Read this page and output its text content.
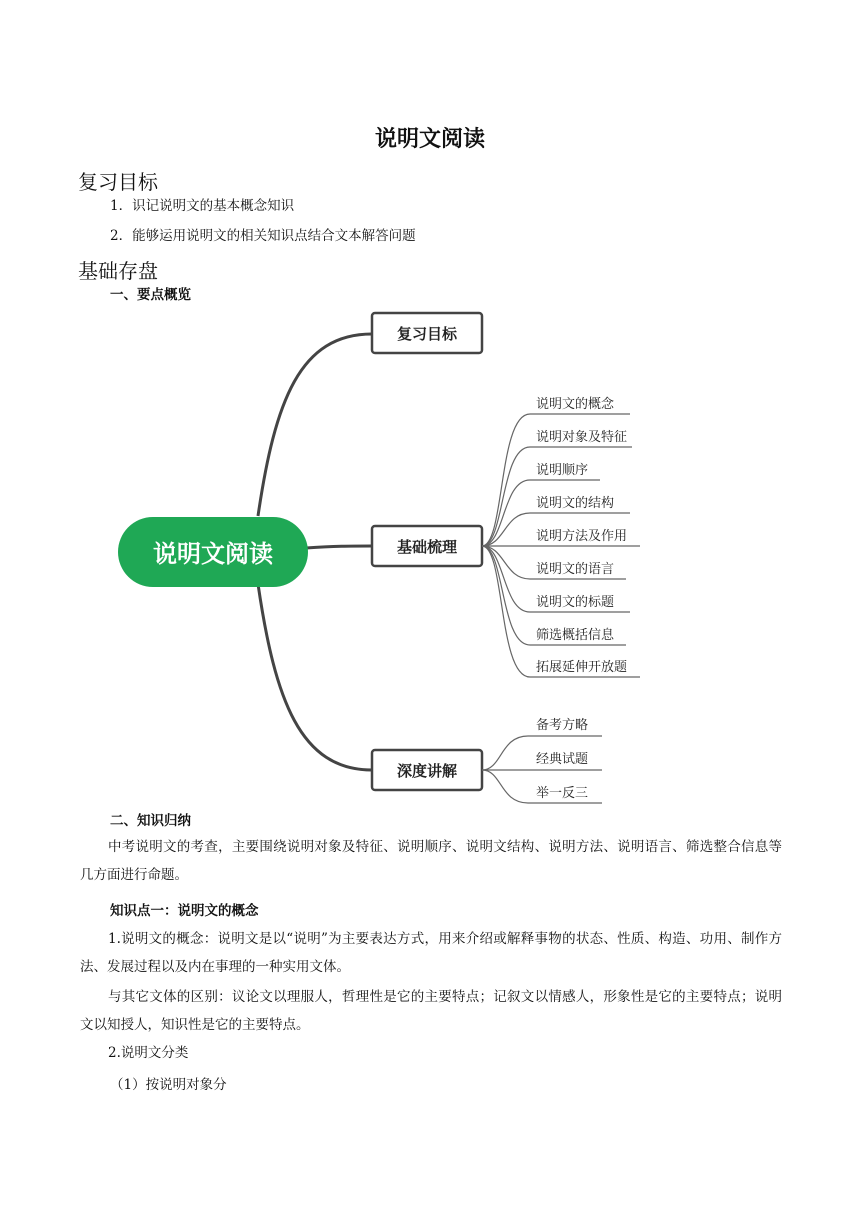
说明文阅读
复习目标
1．识记说明文的基本概念知识
2．能够运用说明文的相关知识点结合文本解答问题
基础存盘
一、要点概览
说明文阅读
复习目标
基础梳理
深度讲解
说明文的概念
说明对象及特征
说明顺序
说明文的结构
说明方法及作用
说明文的语言
说明文的标题
筛选概括信息
拓展延伸开放题
备考方略
经典试题
举一反三
二、知识归纳
中考说明文的考查，主要围绕说明对象及特征、说明顺序、说明文结构、说明方法、说明语言、筛选整合信息等几方面进行命题。
知识点一：说明文的概念
1.说明文的概念：说明文是以“说明”为主要表达方式，用来介绍或解释事物的状态、性质、构造、功用、制作方法、发展过程以及内在事理的一种实用文体。
与其它文体的区别：议论文以理服人，哲理性是它的主要特点；记叙文以情感人，形象性是它的主要特点；说明文以知授人，知识性是它的主要特点。
2.说明文分类
（1）按说明对象分
